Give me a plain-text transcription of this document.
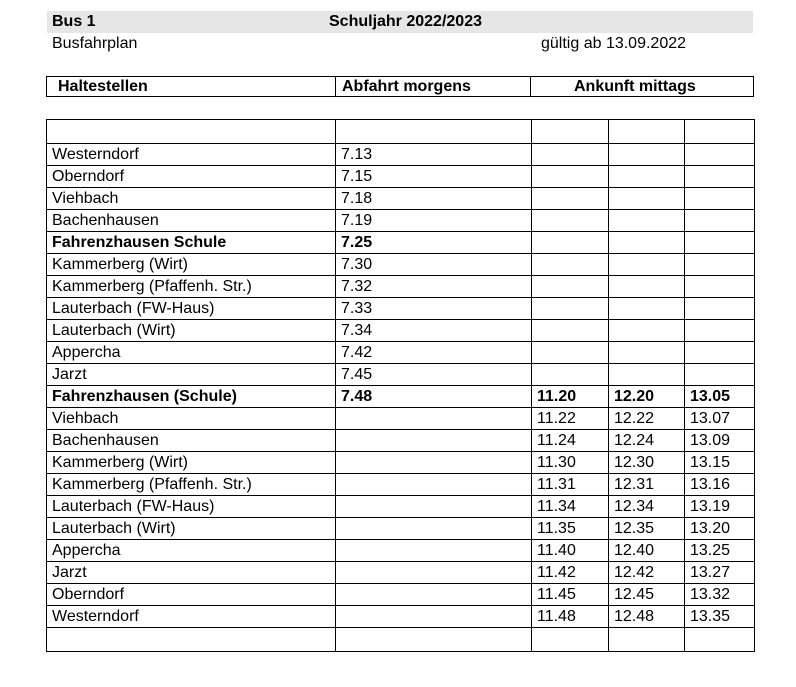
Bus 1	Schuljahr 2022/2023
Busfahrplan	gültig ab 13.09.2022
Haltestellen	Abfahrt morgens	Ankunft mittags

Westerndorf	7.13			
Oberndorf	7.15			
Viehbach	7.18			
Bachenhausen	7.19			
Fahrenzhausen Schule	7.25			
Kammerberg (Wirt)	7.30			
Kammerberg (Pfaffenh. Str.)	7.32			
Lauterbach (FW-Haus)	7.33			
Lauterbach (Wirt)	7.34			
Appercha	7.42			
Jarzt	7.45			
Fahrenzhausen (Schule)	7.48	11.20	12.20	13.05
Viehbach		11.22	12.22	13.07
Bachenhausen		11.24	12.24	13.09
Kammerberg (Wirt)		11.30	12.30	13.15
Kammerberg (Pfaffenh. Str.)		11.31	12.31	13.16
Lauterbach (FW-Haus)		11.34	12.34	13.19
Lauterbach (Wirt)		11.35	12.35	13.20
Appercha		11.40	12.40	13.25
Jarzt		11.42	12.42	13.27
Oberndorf		11.45	12.45	13.32
Westerndorf		11.48	12.48	13.35
